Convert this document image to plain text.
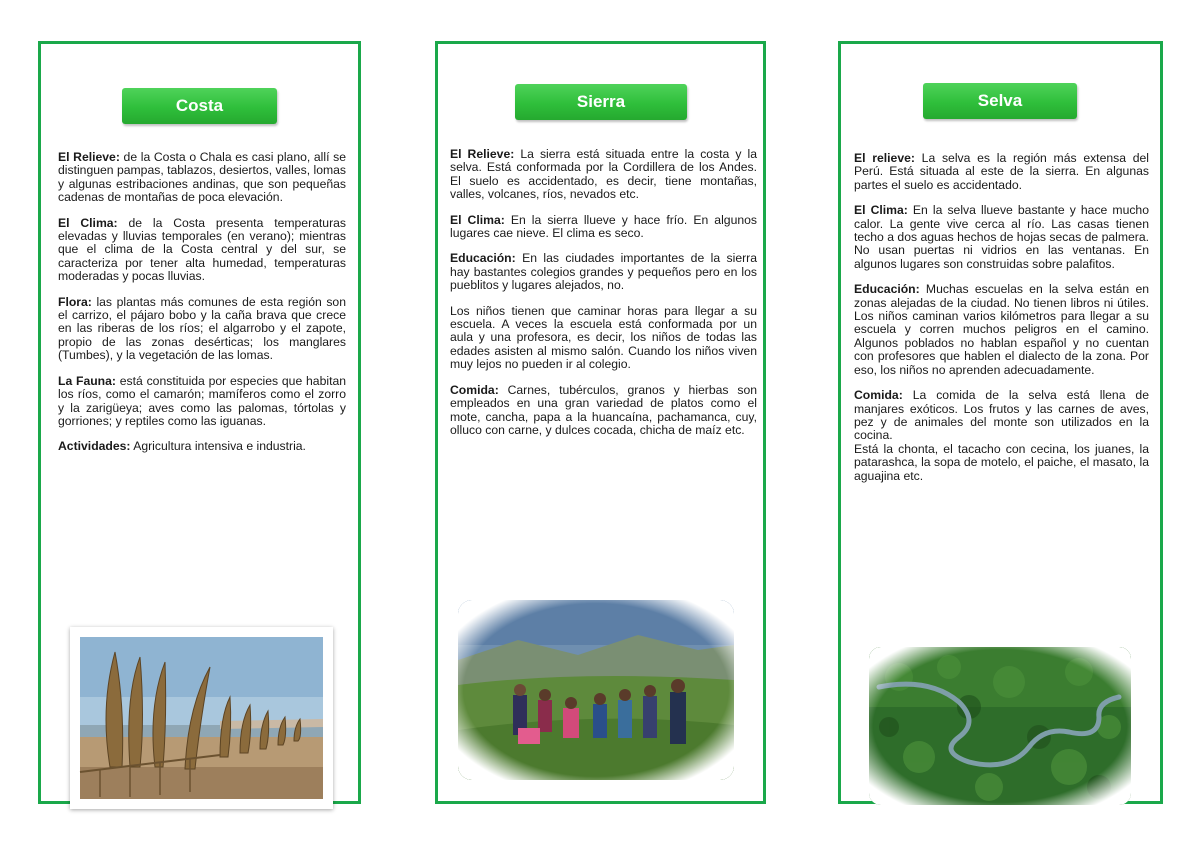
Costa

El Relieve: de la Costa o Chala es casi plano, allí se distinguen pampas, tablazos, desiertos, valles, lomas y algunas estribaciones andinas, que son pequeñas cadenas de montañas de poca elevación.

El Clima: de la Costa presenta temperaturas elevadas y lluvias temporales (en verano); mientras que el clima de la Costa central y del sur, se caracteriza por tener alta humedad, temperaturas moderadas y pocas lluvias.

Flora: las plantas más comunes de esta región son el carrizo, el pájaro bobo y la caña brava que crece en las riberas de los ríos; el algarrobo y el zapote, propio de las zonas desérticas; los manglares (Tumbes), y la vegetación de las lomas.

La Fauna: está constituida por especies que habitan los ríos, como el camarón; mamíferos como el zorro y la zarigüeya; aves como las palomas, tórtolas y gorriones; y reptiles como las iguanas.

Actividades: Agricultura intensiva e industria.

Sierra

El Relieve: La sierra está situada entre la costa y la selva. Está conformada por la Cordillera de los Andes. El suelo es accidentado, es decir, tiene montañas, valles, volcanes, ríos, nevados etc.

El Clima: En la sierra llueve y hace frío. En algunos lugares cae nieve. El clima es seco.

Educación: En las ciudades importantes de la sierra hay bastantes colegios grandes y pequeños pero en los pueblitos y lugares alejados, no.

Los niños tienen que caminar horas para llegar a su escuela. A veces la escuela está conformada por un aula y una profesora, es decir, los niños de todas las edades asisten al mismo salón. Cuando los niños viven muy lejos no pueden ir al colegio.

Comida: Carnes, tubérculos, granos y hierbas son empleados en una gran variedad de platos como el mote, cancha, papa a la huancaína, pachamanca, cuy, olluco con carne, y dulces cocada, chicha de maíz etc.

Selva

El relieve: La selva es la región más extensa del Perú. Está situada al este de la sierra. En algunas partes el suelo es accidentado.

El Clima: En la selva llueve bastante y hace mucho calor. La gente vive cerca al río. Las casas tienen techo a dos aguas hechos de hojas secas de palmera. No usan puertas ni vidrios en las ventanas. En algunos lugares son construidas sobre palafitos.

Educación: Muchas escuelas en la selva están en zonas alejadas de la ciudad. No tienen libros ni útiles. Los niños caminan varios kilómetros para llegar a su escuela y corren muchos peligros en el camino. Algunos poblados no hablan español y no cuentan con profesores que hablen el dialecto de la zona. Por eso, los niños no aprenden adecuadamente.

Comida: La comida de la selva está llena de manjares exóticos. Los frutos y las carnes de aves, pez y de animales del monte son utilizados en la cocina.

Está la chonta, el tacacho con cecina, los juanes, la patarashca, la sopa de motelo, el paiche, el masato, la aguajina etc.
